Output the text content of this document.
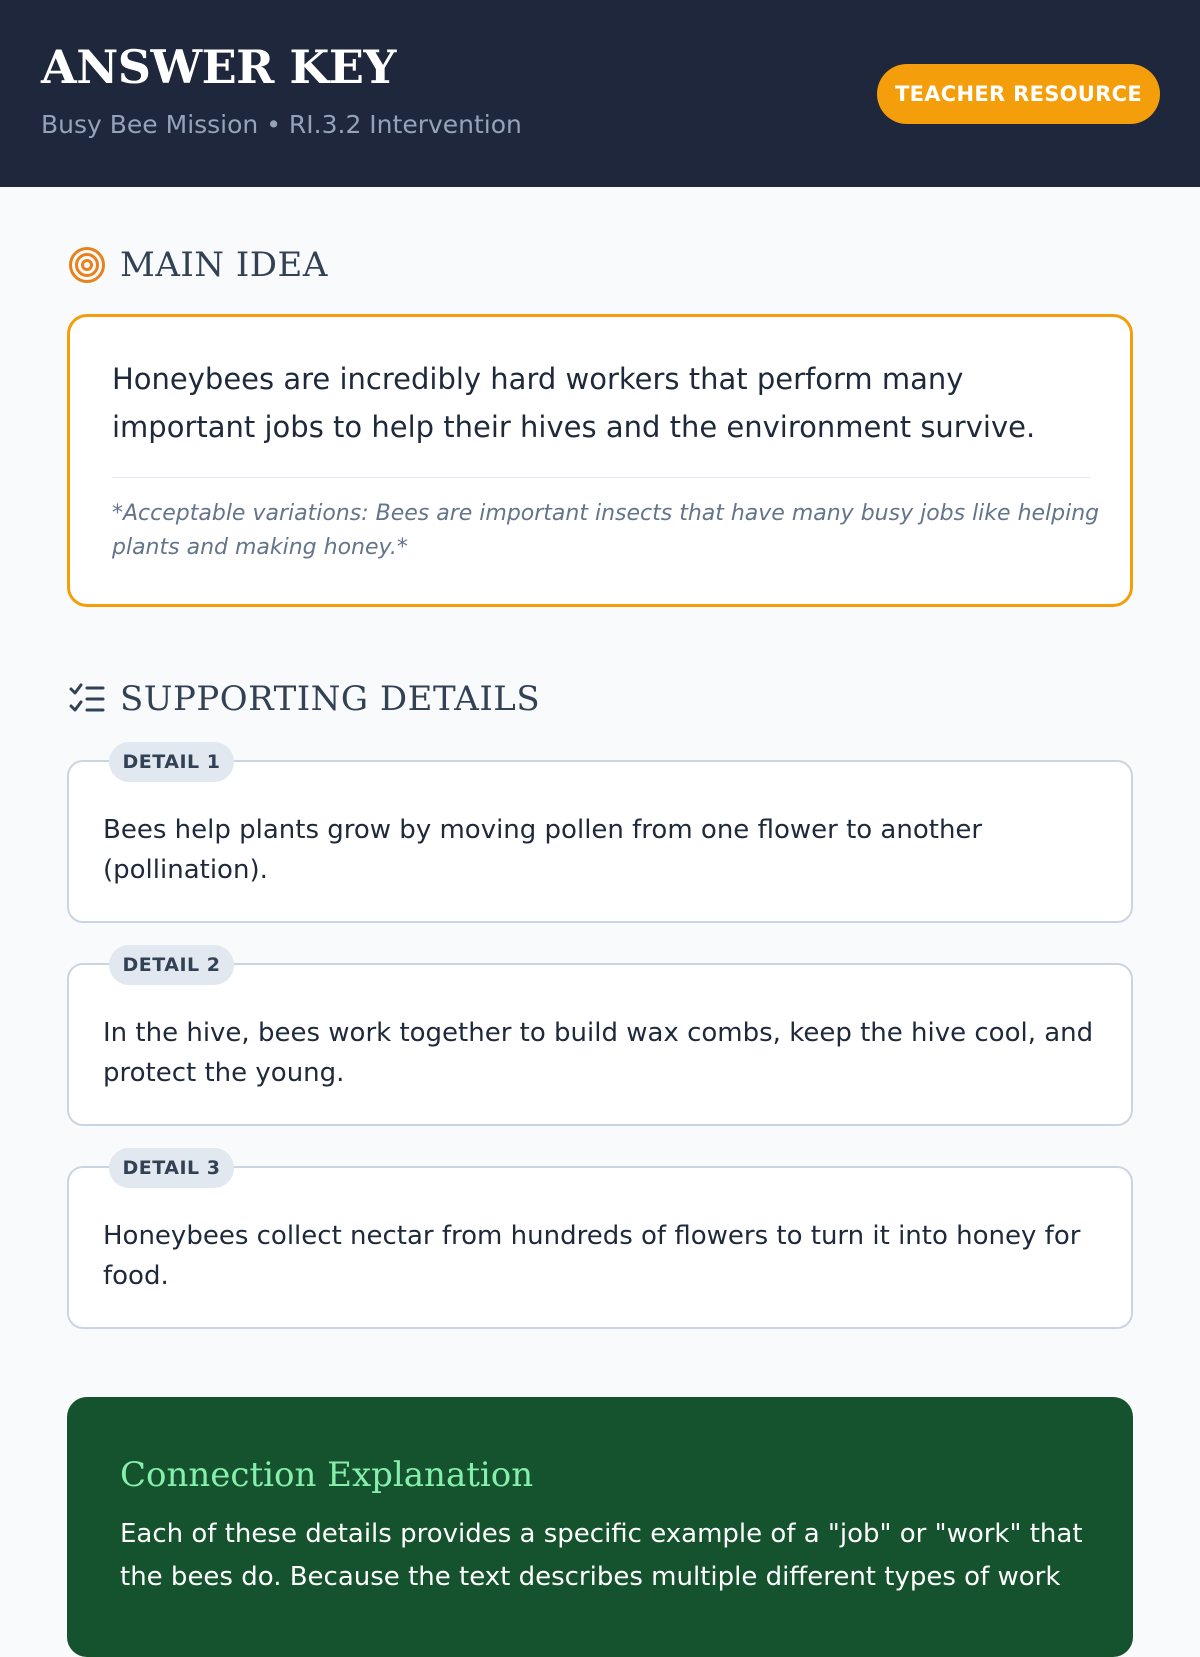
ANSWER KEY
Busy Bee Mission • RI.3.2 Intervention
TEACHER RESOURCE
MAIN IDEA
Honeybees are incredibly hard workers that perform many important jobs to help their hives and the environment survive.
*Acceptable variations: Bees are important insects that have many busy jobs like helping plants and making honey.*
SUPPORTING DETAILS
DETAIL 1
Bees help plants grow by moving pollen from one flower to another (pollination).
DETAIL 2
In the hive, bees work together to build wax combs, keep the hive cool, and protect the young.
DETAIL 3
Honeybees collect nectar from hundreds of flowers to turn it into honey for food.
Connection Explanation
Each of these details provides a specific example of a "job" or "work" that the bees do. Because the text describes multiple different types of work
